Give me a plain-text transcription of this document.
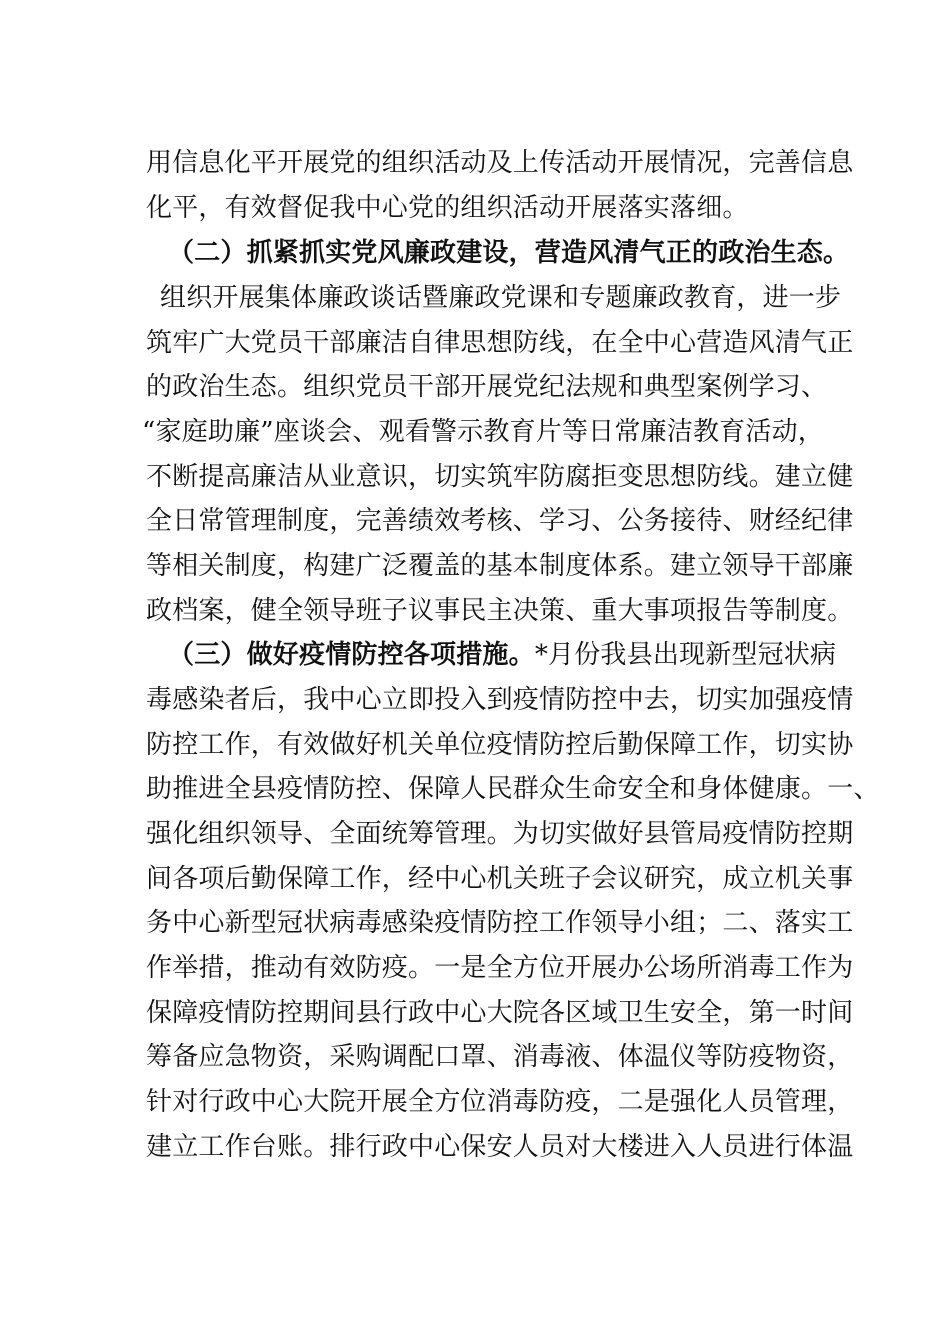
用信息化平开展党的组织活动及上传活动开展情况，完善信息
化平，有效督促我中心党的组织活动开展落实落细。
（二）抓紧抓实党风廉政建设，营造风清气正的政治生态。
组织开展集体廉政谈话暨廉政党课和专题廉政教育，进一步
筑牢广大党员干部廉洁自律思想防线，在全中心营造风清气正
的政治生态。组织党员干部开展党纪法规和典型案例学习、
“家庭助廉”座谈会、观看警示教育片等日常廉洁教育活动，
不断提高廉洁从业意识，切实筑牢防腐拒变思想防线。建立健
全日常管理制度，完善绩效考核、学习、公务接待、财经纪律
等相关制度，构建广泛覆盖的基本制度体系。建立领导干部廉
政档案，健全领导班子议事民主决策、重大事项报告等制度。
（三）做好疫情防控各项措施。*月份我县出现新型冠状病
毒感染者后，我中心立即投入到疫情防控中去，切实加强疫情
防控工作，有效做好机关单位疫情防控后勤保障工作，切实协
助推进全县疫情防控、保障人民群众生命安全和身体健康。一、
强化组织领导、全面统筹管理。为切实做好县管局疫情防控期
间各项后勤保障工作，经中心机关班子会议研究，成立机关事
务中心新型冠状病毒感染疫情防控工作领导小组；二、落实工
作举措，推动有效防疫。一是全方位开展办公场所消毒工作为
保障疫情防控期间县行政中心大院各区域卫生安全，第一时间
筹备应急物资，采购调配口罩、消毒液、体温仪等防疫物资，
针对行政中心大院开展全方位消毒防疫，二是强化人员管理，
建立工作台账。排行政中心保安人员对大楼进入人员进行体温
